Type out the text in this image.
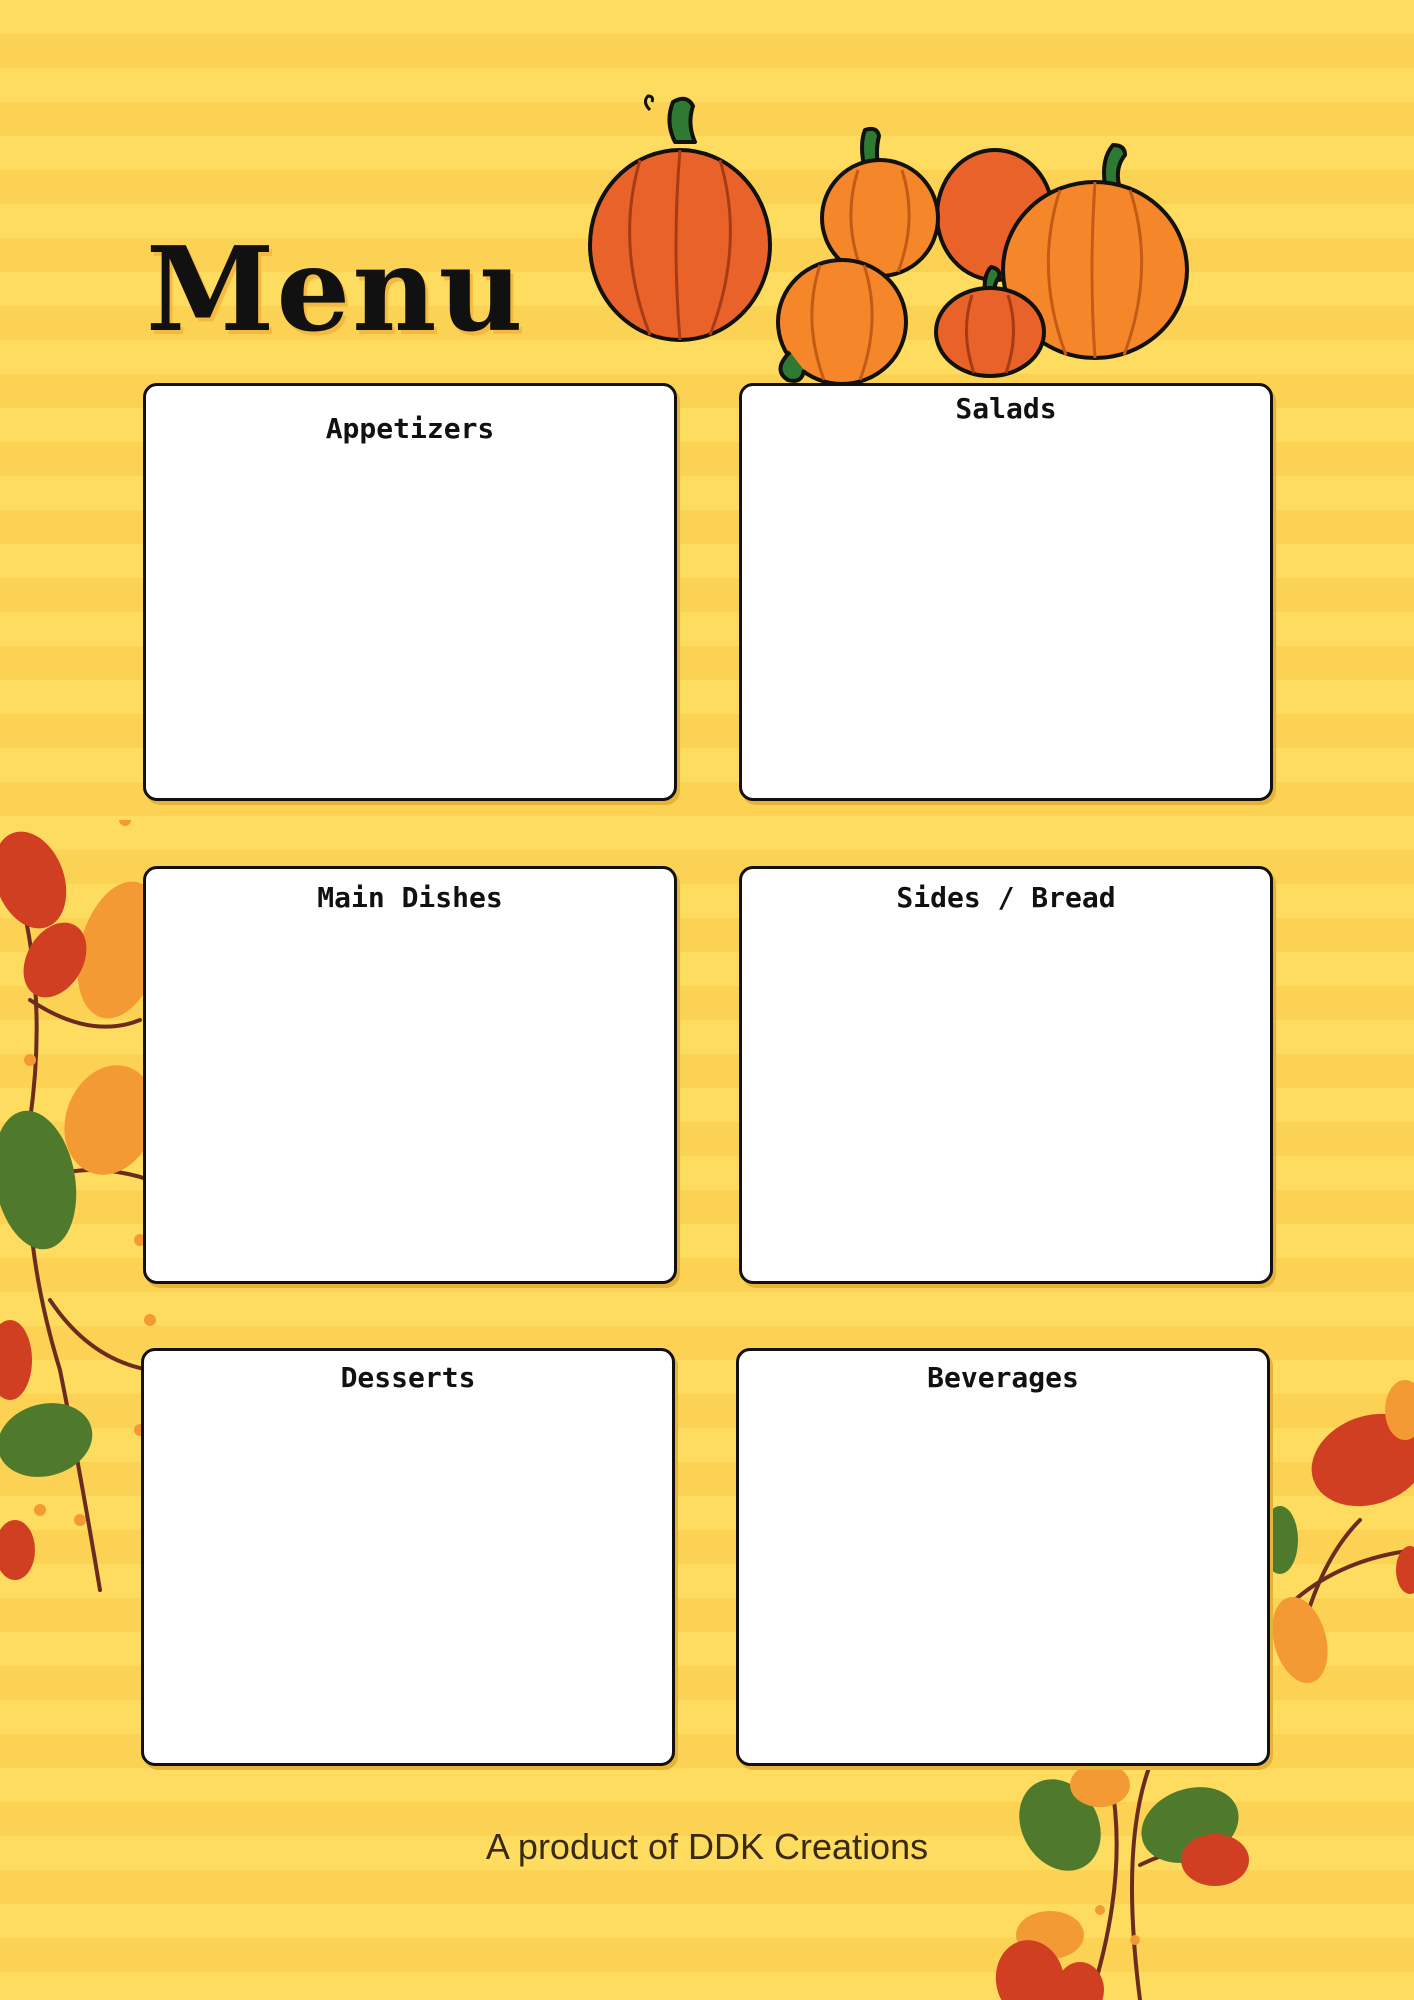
Menu
Appetizers
Salads
Main Dishes	Sides / Bread
Desserts	Beverages
A product of DDK Creations
